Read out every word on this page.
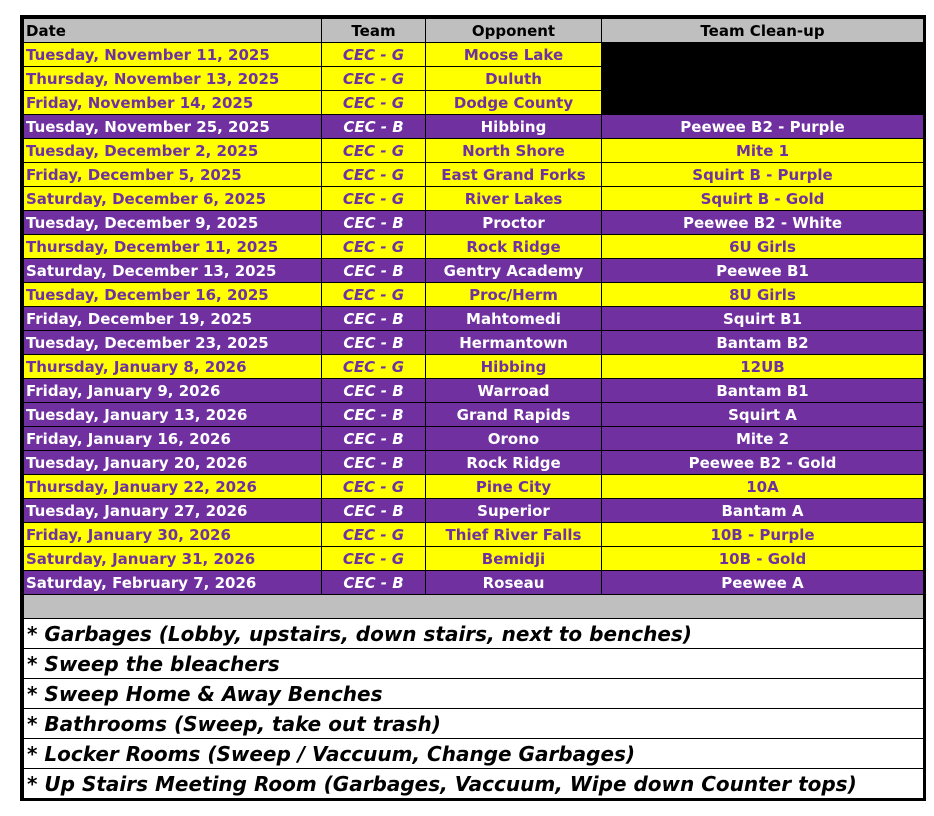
Date	Team	Opponent	Team Clean-up
Tuesday, November 11, 2025	CEC - G	Moose Lake	
Thursday, November 13, 2025	CEC - G	Duluth	
Friday, November 14, 2025	CEC - G	Dodge County	
Tuesday, November 25, 2025	CEC - B	Hibbing	Peewee B2 - Purple
Tuesday, December 2, 2025	CEC - G	North Shore	Mite 1
Friday, December 5, 2025	CEC - G	East Grand Forks	Squirt B - Purple
Saturday, December 6, 2025	CEC - G	River Lakes	Squirt B - Gold
Tuesday, December 9, 2025	CEC - B	Proctor	Peewee B2 - White
Thursday, December 11, 2025	CEC - G	Rock Ridge	6U Girls
Saturday, December 13, 2025	CEC - B	Gentry Academy	Peewee B1
Tuesday, December 16, 2025	CEC - G	Proc/Herm	8U Girls
Friday, December 19, 2025	CEC - B	Mahtomedi	Squirt B1
Tuesday, December 23, 2025	CEC - B	Hermantown	Bantam B2
Thursday, January 8, 2026	CEC - G	Hibbing	12UB
Friday, January 9, 2026	CEC - B	Warroad	Bantam B1
Tuesday, January 13, 2026	CEC - B	Grand Rapids	Squirt A
Friday, January 16, 2026	CEC - B	Orono	Mite 2
Tuesday, January 20, 2026	CEC - B	Rock Ridge	Peewee B2 - Gold
Thursday, January 22, 2026	CEC - G	Pine City	10A
Tuesday, January 27, 2026	CEC - B	Superior	Bantam A
Friday, January 30, 2026	CEC - G	Thief River Falls	10B - Purple
Saturday, January 31, 2026	CEC - G	Bemidji	10B - Gold
Saturday, February 7, 2026	CEC - B	Roseau	Peewee A

* Garbages (Lobby, upstairs, down stairs, next to benches)			
* Sweep the bleachers			
* Sweep Home & Away Benches			
* Bathrooms (Sweep, take out trash)			
* Locker Rooms (Sweep / Vaccuum, Change Garbages)			
* Up Stairs Meeting Room (Garbages, Vaccuum, Wipe down Counter tops)			
